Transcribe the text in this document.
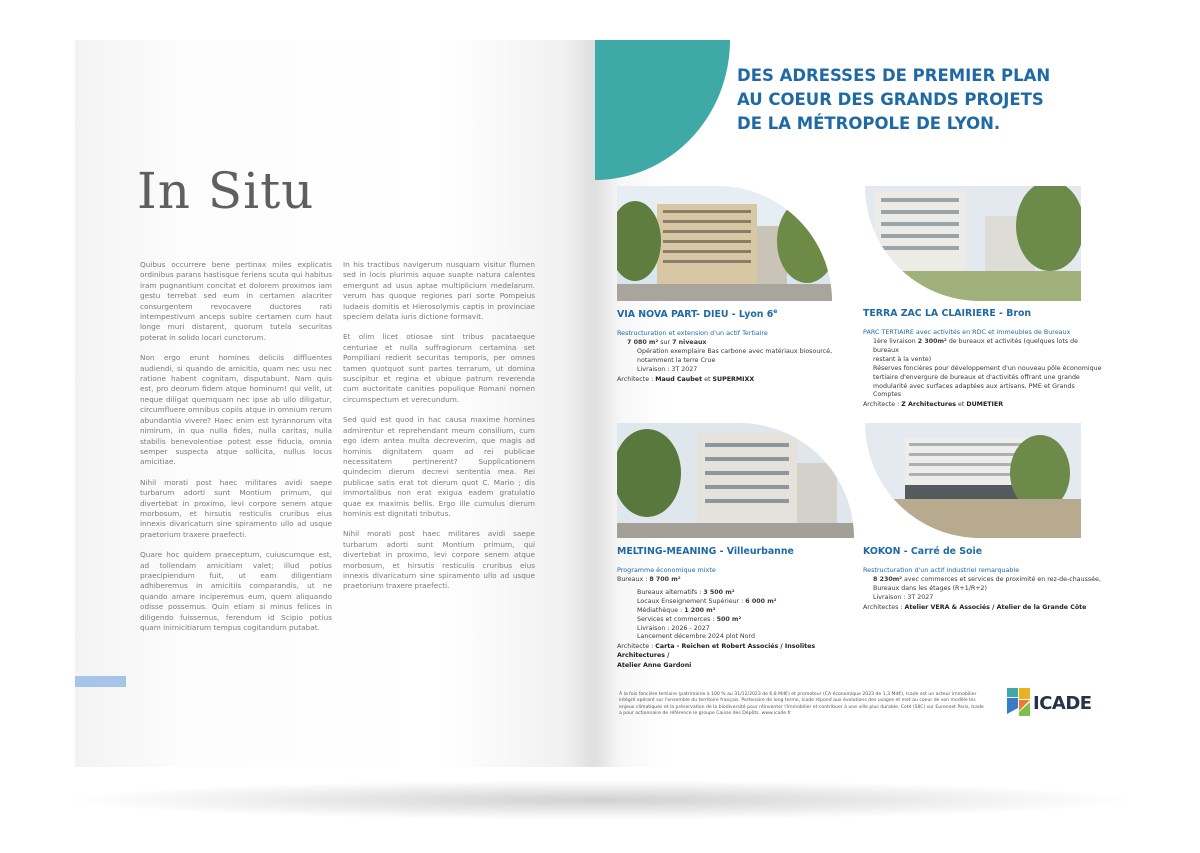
In Situ

Quibus occurrere bene pertinax miles explicatis ordinibus parans hastisque feriens scuta qui habitus iram pugnantium concitat et dolorem proximos iam gestu terrebat sed eum in certamen alacriter consurgentem revocavere ductores rati intempestivum anceps subire certamen cum haut longe muri distarent, quorum tutela securitas poterat in solido locari cunctorum.

Non ergo erunt homines deliciis diffluentes audiendi, si quando de amicitia, quam nec usu nec ratione habent cognitam, disputabunt. Nam quis est, pro deorum fidem atque hominum! qui velit, ut neque diligat quemquam nec ipse ab ullo diligatur, circumfluere omnibus copiis atque in omnium rerum abundantia vivere? Haec enim est tyrannorum vita nimirum, in qua nulla fides, nulla caritas, nulla stabilis benevolentiae potest esse fiducia, omnia semper suspecta atque sollicita, nullus locus amicitiae.

Nihil morati post haec militares avidi saepe turbarum adorti sunt Montium primum, qui divertebat in proximo, levi corpore senem atque morbosum, et hirsutis resticulis cruribus eius innexis divaricaturn sine spiramento ullo ad usque praetorium traxere praefecti.

Quare hoc quidem praeceptum, cuiuscumque est, ad tollendam amicitiam valet; illud potius praecipiendum fuit, ut eam diligentiam adhiberemus in amicitiis comparandis, ut ne quando amare inciperemus eum, quem aliquando odisse possemus. Quin etiam si minus felices in diligendo fuissemus, ferendum id Scipio potius quam inimicitiarum tempus cogitandum putabat.

In his tractibus navigerum nusquam visitur flumen sed in locis plurimis aquae suapte natura calentes emergunt ad usus aptae multiplicium medelarum. verum has quoque regiones pari sorte Pompeius Iudaeis domitis et Hierosolymis captis in provinciae speciem delata iuris dictione formavit.

Et olim licet otiosae sint tribus pacataeque centuriae et nulla suffragiorum certamina set Pompiliani redierit securitas temporis, per omnes tamen quotquot sunt partes terrarum, ut domina suscipitur et regina et ubique patrum reverenda cum auctoritate canities populique Romani nomen circumspectum et verecundum.

Sed quid est quod in hac causa maxime homines admirentur et reprehendant meum consilium, cum ego idem antea multa decreverim, que magis ad hominis dignitatem quam ad rei publicae necessitatem pertinerent? Supplicationem quindecim dierum decrevi sententia mea. Rei publicae satis erat tot dierum quot C. Mario ; dis immortalibus non erat exigua eadem gratulatio quae ex maximis bellis. Ergo ille cumulus dierum hominis est dignitati tributus.

Nihil morati post haec militares avidi saepe turbarum adorti sunt Montium primum, qui divertebat in proximo, levi corpore senem atque morbosum, et hirsutis resticulis cruribus eius innexis divaricaturn sine spiramento ullo ad usque praetorium traxere praefecti.

DES ADRESSES DE PREMIER PLAN
AU COEUR DES GRANDS PROJETS
DE LA MÉTROPOLE DE LYON.
VIA NOVA PART- DIEU - Lyon 6e
Restructuration et extension d'un actif Tertiaire
7 080 m² sur 7 niveaux
Opération exemplaire Bas carbone avec matériaux biosourcé,
notamment la terre Crue
Livraison : 3T 2027
Architecte : Maud Caubet et SUPERMIXX
TERRA ZAC LA CLAIRIERE - Bron
PARC TERTIAIRE avec activités en RDC et immeubles de Bureaux
1ère livraison 2 300m² de bureaux et activités (quelques lots de bureaux
restant à la vente)
Réserves foncières pour développement d'un nouveau pôle économique
tertiaire d'envergure de bureaux et d'activités offrant une grande
modularité avec surfaces adaptées aux artisans, PME et Grands Comptes
Architecte : Z Architectures et DUMETIER
MELTING-MEANING - Villeurbanne
Programme économique mixte
Bureaux : 8 700 m²
Bureaux alternatifs : 3 500 m²
Locaux Enseignement Supérieur : 6 000 m²
Médiathèque : 1 200 m²
Services et commerces : 500 m²
Livraison : 2026 - 2027
Lancement décembre 2024 plot Nord
Architecte : Carta - Reichen et Robert Associés / Insolites Architectures /
Atelier Anne Gardoni
KOKON - Carré de Soie
Restructuration d'un actif industriel remarquable
8 230m² avec commerces et services de proximité en rez-de-chaussée,
Bureaux dans les étages (R+1/R+2)
Livraison : 3T 2027
Architectes : Atelier VERA & Associés / Atelier de la Grande Côte
À la fois foncière tertiaire (patrimoine à 100 % au 31/12/2023 de 6,8 Md€) et promoteur (CA économique 2023 de 1,3 Md€), Icade est un acteur immobilier intégré opérant sur l'ensemble du territoire français. Partenaire de long terme, Icade répond aux évolutions des usages et met au coeur de son modèle les enjeux climatiques et la préservation de la biodiversité pour réinventer l'immobilier et contribuer à une ville plus durable. Coté (SIIC) sur Euronext Paris, Icade a pour actionnaire de référence le groupe Caisse des Dépôts. www.icade.fr	ICADE
